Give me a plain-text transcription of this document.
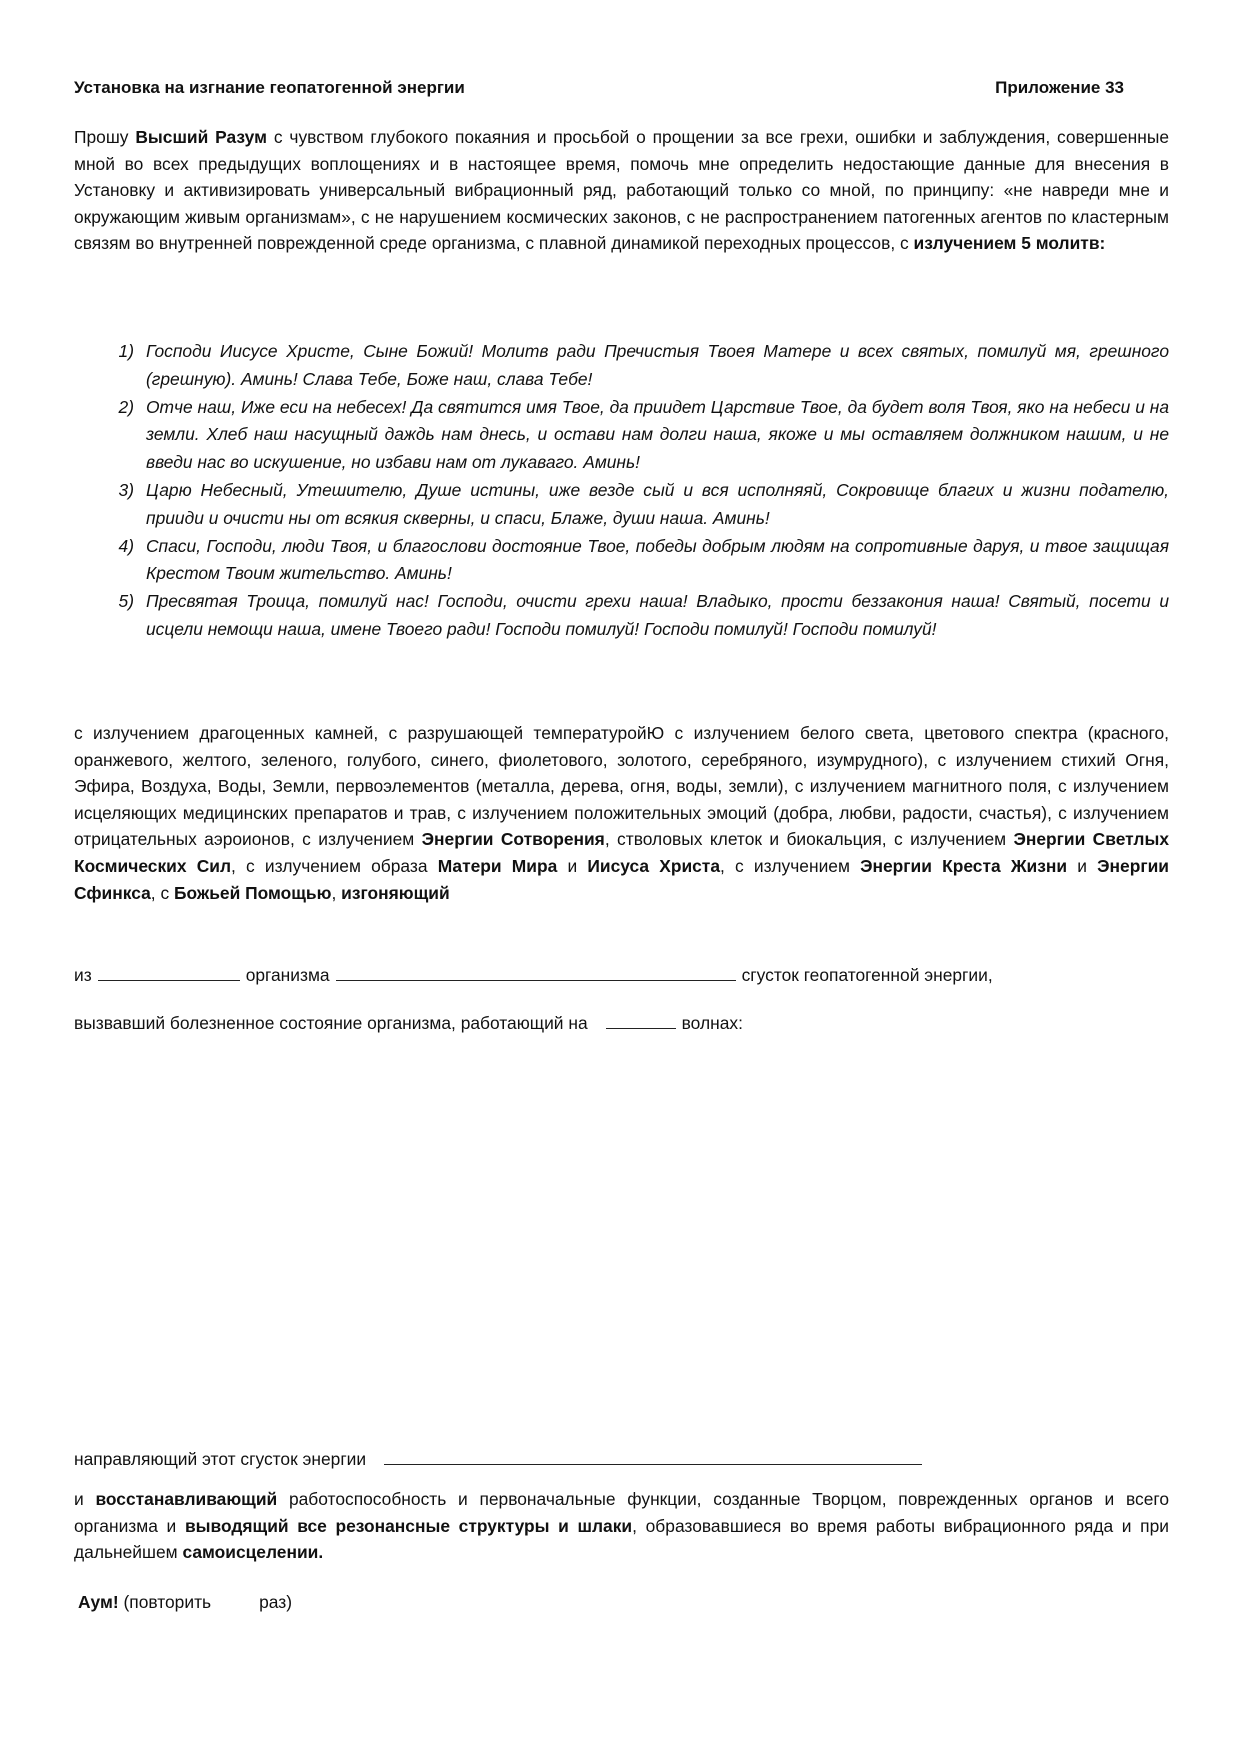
Установка на изгнание геопатогенной энергии	Приложение 33
Прошу Высший Разум с чувством глубокого покаяния и просьбой о прощении за все грехи, ошибки и заблуждения, совершенные мной во всех предыдущих воплощениях и в настоящее время, помочь мне определить недостающие данные для внесения в Установку и активизировать универсальный вибрационный ряд, работающий только со мной, по принципу: «не навреди мне и окружающим живым организмам», с не нарушением космических законов, с не распространением патогенных агентов по кластерным связям во внутренней поврежденной среде организма, с плавной динамикой переходных процессов, с излучением 5 молитв:
1) Господи Иисусе Христе, Сыне Божий! Молитв ради Пречистыя Твоея Матере и всех святых, помилуй мя, грешного (грешную). Аминь! Слава Тебе, Боже наш, слава Тебе!
2) Отче наш, Иже еси на небесех! Да святится имя Твое, да приидет Царствие Твое, да будет воля Твоя, яко на небеси и на земли. Хлеб наш насущный даждь нам днесь, и остави нам долги наша, якоже и мы оставляем должником нашим, и не введи нас во искушение, но избави нам от лукаваго. Аминь!
3) Царю Небесный, Утешителю, Душе истины, иже везде сый и вся исполняяй, Сокровище благих и жизни подателю, прииди и очисти ны от всякия скверны, и спаси, Блаже, души наша. Аминь!
4) Спаси, Господи, люди Твоя, и благослови достояние Твое, победы добрым людям на сопротивные даруя, и твое защищая Крестом Твоим жительство. Аминь!
5) Пресвятая Троица, помилуй нас! Господи, очисти грехи наша! Владыко, прости беззакония наша! Святый, посети и исцели немощи наша, имене Твоего ради! Господи помилуй! Господи помилуй! Господи помилуй!
с излучением драгоценных камней, с разрушающей температуройЮ с излучением белого света, цветового спектра (красного, оранжевого, желтого, зеленого, голубого, синего, фиолетового, золотого, серебряного, изумрудного), с излучением стихий Огня, Эфира, Воздуха, Воды, Земли, первоэлементов (металла, дерева, огня, воды, земли), с излучением магнитного поля, с излучением исцеляющих медицинских препаратов и трав, с излучением положительных эмоций (добра, любви, радости, счастья), с излучением отрицательных аэроионов, с излучением Энергии Сотворения, стволовых клеток и биокальция, с излучением Энергии Светлых Космических Сил, с излучением образа Матери Мира и Иисуса Христа, с излучением Энергии Креста Жизни и Энергии Сфинкса, с Божьей Помощью, изгоняющий
из	организма	сгусток геопатогенной энергии,
вызвавший болезненное состояние организма, работающий на	волнах:
направляющий этот сгусток энергии
и восстанавливающий работоспособность и первоначальные функции, созданные Творцом, поврежденных органов и всего организма и выводящий все резонансные структуры и шлаки, образовавшиеся во время работы вибрационного ряда и при дальнейшем самоисцелении.
Аум! (повторить	раз)
